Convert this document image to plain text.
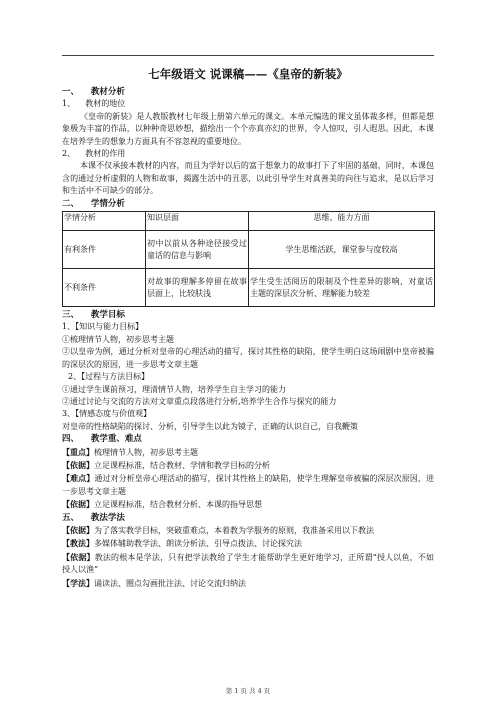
七年级语文 说课稿——《皇帝的新装》
一、    教材分析
1、    教材的地位

《皇帝的新装》是人教版教材七年级上册第六单元的课文。本单元编选的课文虽体裁多样，但都是想象极为丰富的作品，以种种奇思妙想，描绘出一个个亦真亦幻的世界，令人惊叹，引人遐思。因此，本课在培养学生的想象力方面具有不容忽视的重要地位。

2、    教材的作用

本课不仅承接本教材的内容，而且为学好以后的富于想象力的故事打下了牢固的基础，同时，本课包含的通过分析虚假的人物和故事，揭露生活中的丑恶，以此引导学生对真善美的向往与追求，是以后学习和生活中不可缺少的部分。

二、    学情分析
学情分析	知识层面	思维、能力方面
有利条件	初中以前从各种途径接受过童话的信息与影响	学生思维活跃，课堂参与度较高
不利条件	对故事的理解多停留在故事层面上，比较肤浅	学生受生活阅历的限制及个性差异的影响，对童话主题的深层次分析、理解能力较差
三、    教学目标

1、【知识与能力目标】

①梳理情节人物，初步思考主题

②以皇帝为例，通过分析对皇帝的心理活动的描写，探讨其性格的缺陷，使学生明白这场闹剧中皇帝被骗的深层次的原因，进一步思考文章主题

2、【过程与方法目标】

①通过学生课前预习，理清情节人物，培养学生自主学习的能力

②通过讨论与交流的方法对文章重点段落进行分析,培养学生合作与探究的能力

3、【情感态度与价值观】

对皇帝的性格缺陷的探讨、分析，引导学生以此为镜子，正确的认识自己，自我鞭策

四、    教学重、难点

【重点】梳理情节人物，初步思考主题

【依据】立足课程标准，结合教材、学情和教学目标的分析

【难点】通过对分析皇帝心理活动的描写，探讨其性格上的缺陷，使学生理解皇帝被骗的深层次原因，进一步思考文章主题

【依据】立足课程标准，结合教材分析、本课的指导思想

五、    教法学法

【依据】为了落实教学目标，突破重难点，本着教为学服务的原则，我准备采用以下教法

【教法】多媒体辅助教学法、朗读分析法、引导点拨法、讨论探究法

【依据】教法的根本是学法，只有把学法教给了学生才能帮助学生更好地学习，正所谓“授人以鱼，不如授人以渔”

【学法】诵读法、圈点勾画批注法、讨论交流归纳法

第 1 页 共 4 页
